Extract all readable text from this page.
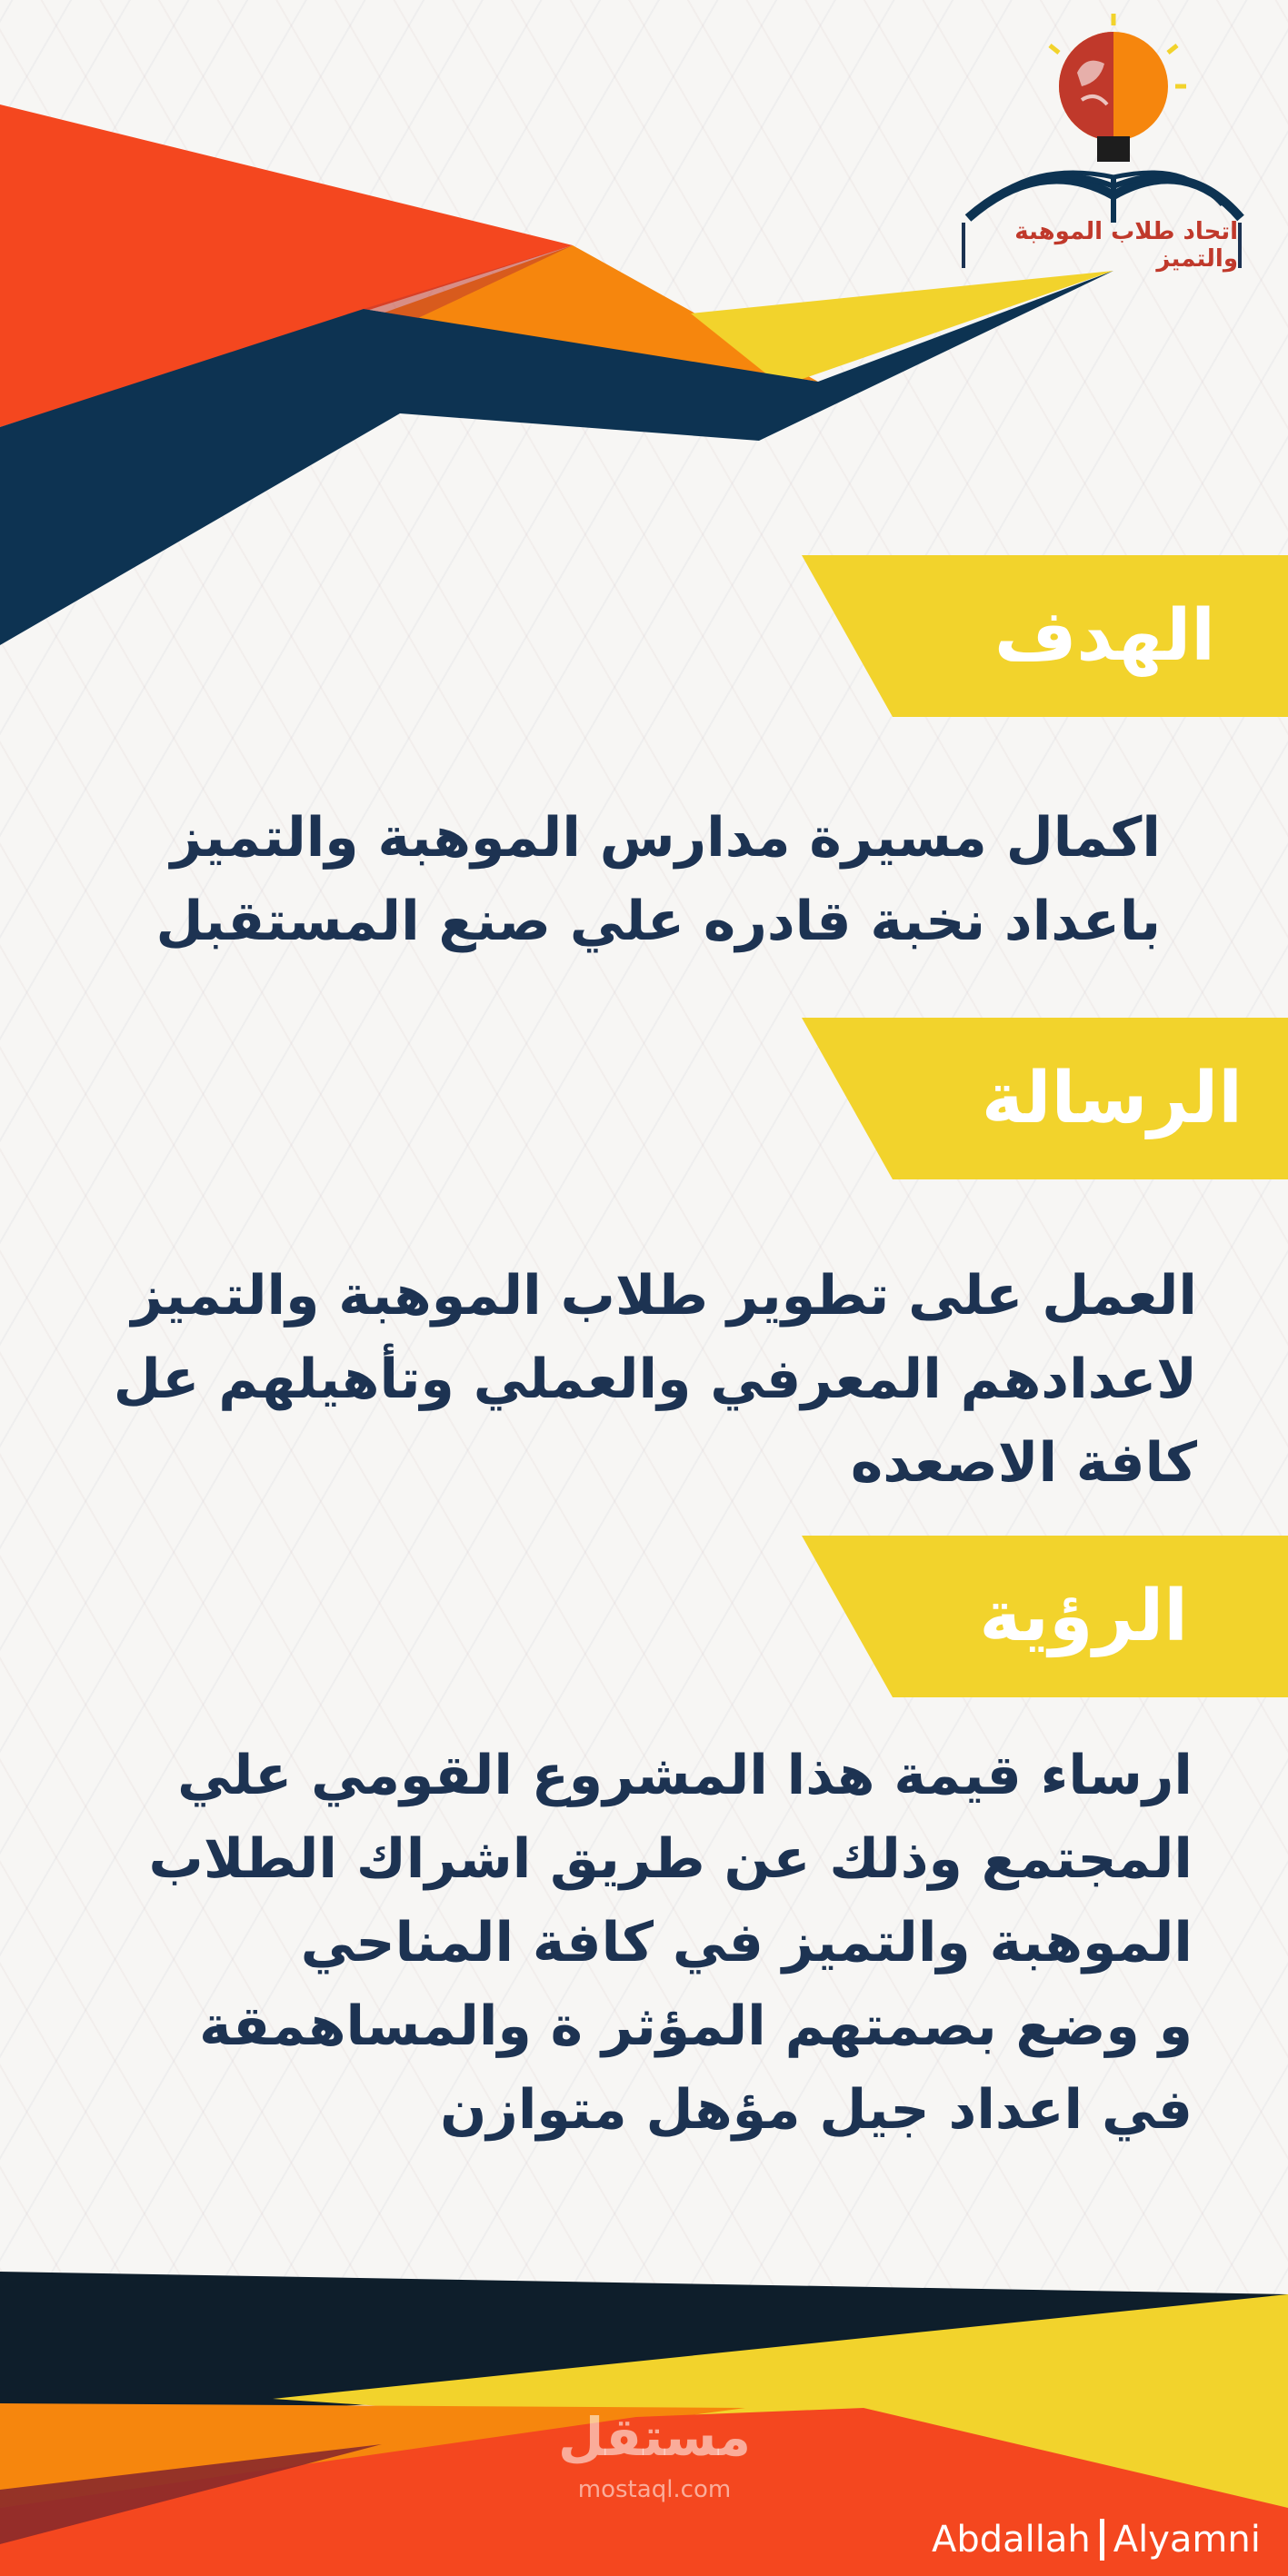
اتحاد طلاب الموهبة والتميز
الهدف
اكمال مسيرة مدارس الموهبة والتميز
باعداد نخبة قادره علي صنع المستقبل
الرسالة
العمل على تطوير طلاب الموهبة والتميز
لاعدادهم المعرفي والعملي وتأهيلهم عل
كافة الاصعده
الرؤية
ارساء قيمة هذا المشروع القومي علي
المجتمع وذلك عن طريق اشراك الطلاب
الموهبة والتميز في كافة المناحي
و وضع بصمتهم المؤثر ة والمساهمقة
في اعداد جيل مؤهل متوازن
مستقل
mostaql.com
Abdallah Alyamni
